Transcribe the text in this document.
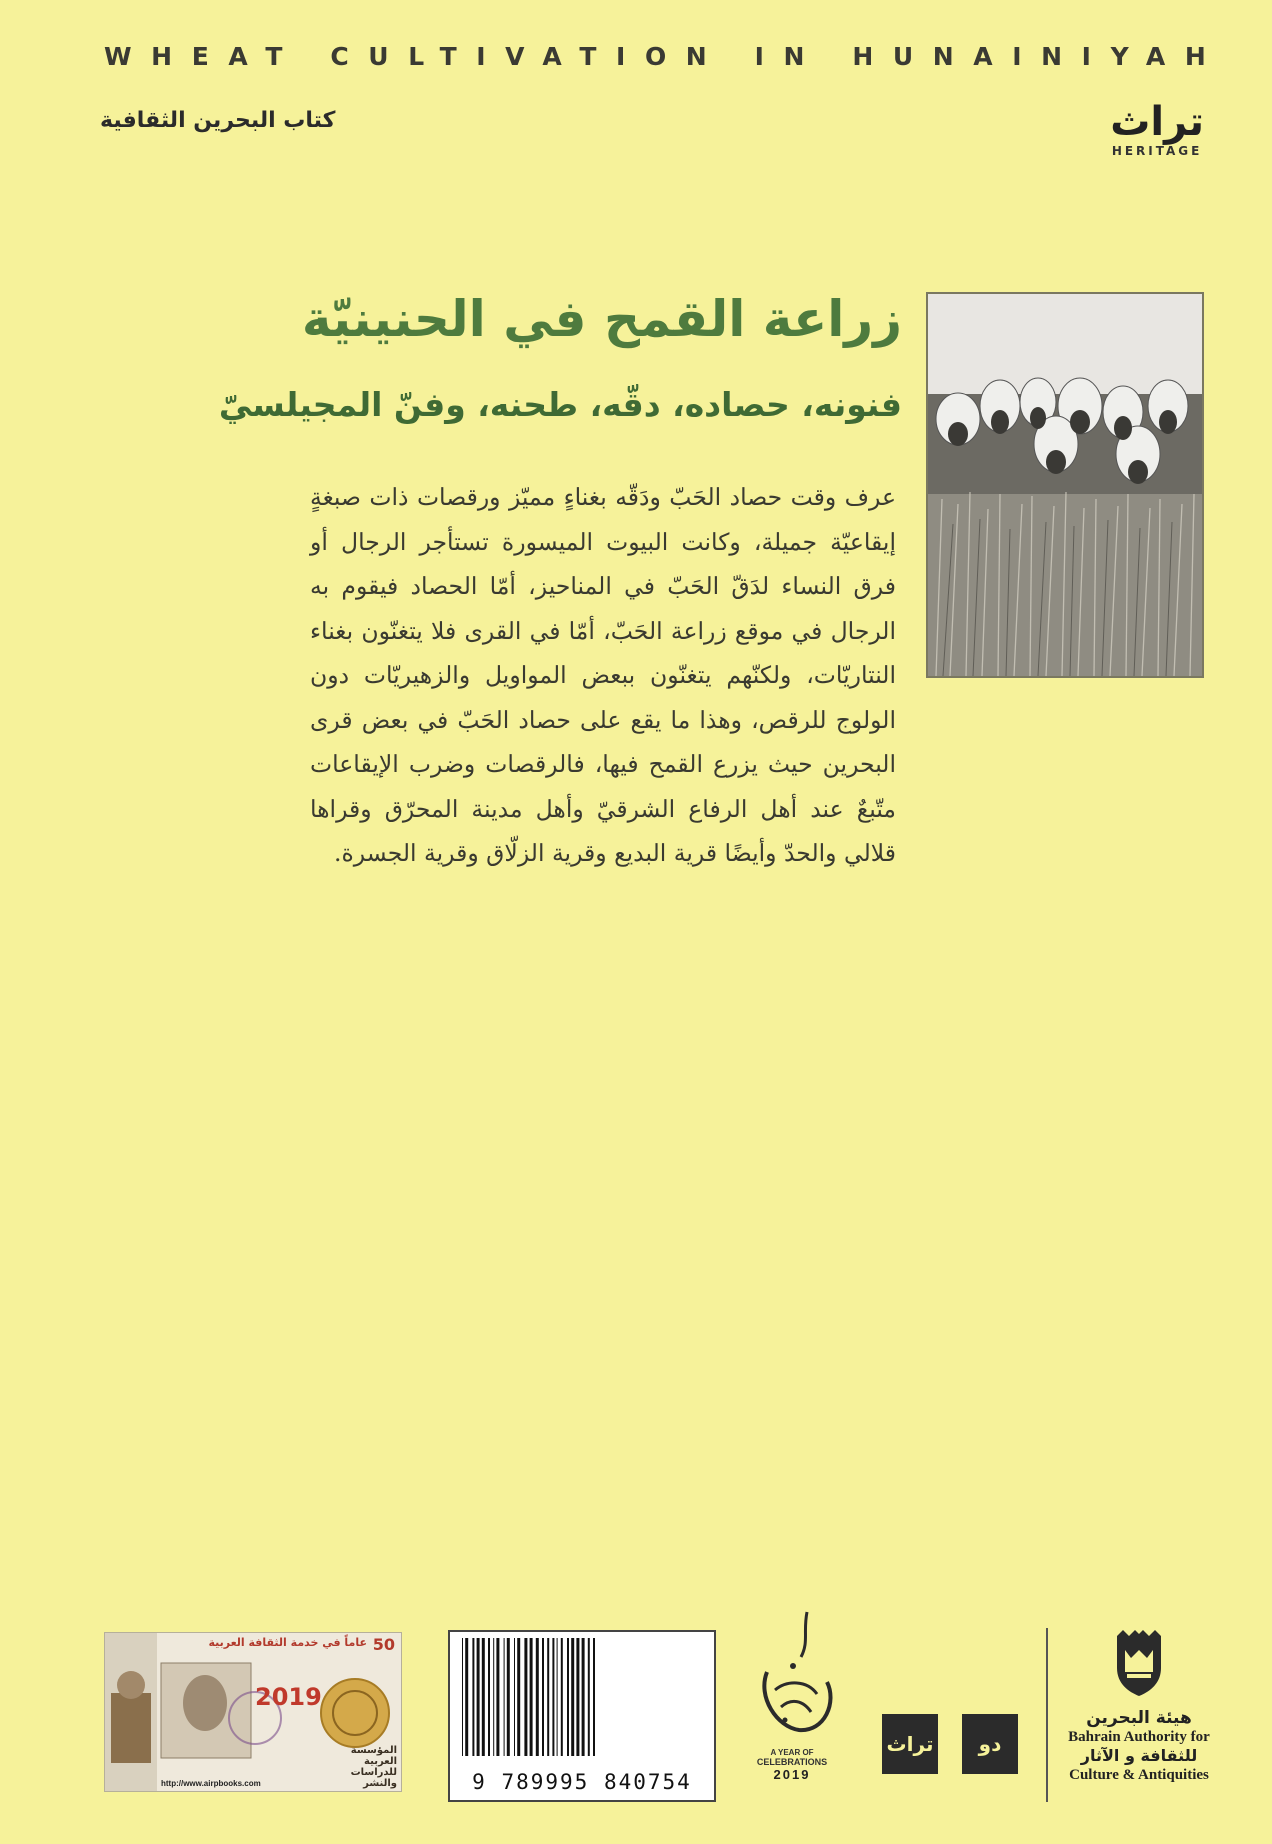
WHEAT CULTIVATION IN HUNAINIYAH
كتاب البحرين الثقافية	تراث
HERITAGE
زراعة القمح في الحنينيّة
فنونه، حصاده، دقّه، طحنه، وفنّ المجيلسيّ
عرف وقت حصاد الحَبّ ودَقّه بغناءٍ مميّز ورقصات ذات صبغةٍ إيقاعيّة جميلة، وكانت البيوت الميسورة تستأجر الرجال أو فرق النساء لدَقّ الحَبّ في المناحيز، أمّا الحصاد فيقوم به الرجال في موقع زراعة الحَبّ، أمّا في القرى فلا يتغنّون بغناء النتاريّات، ولكنّهم يتغنّون ببعض المواويل والزهيريّات دون الولوج للرقص، وهذا ما يقع على حصاد الحَبّ في بعض قرى البحرين حيث يزرع القمح فيها، فالرقصات وضرب الإيقاعات متّبعٌ عند أهل الرفاع الشرقيّ وأهل مدينة المحرّق وقراها قلالي والحدّ وأيضًا قرية البديع وقرية الزلّاق وقرية الجسرة.
50
عاماً في خدمة الثقافة العربية
2019
المؤسسة العربية للدراسات والنشر
http://www.airpbooks.com	9 789995 840754
A YEAR OF
CELEBRATIONS
2019
تراث دو
هيئة البحرين
Bahrain Authority for
للثقافة و الآثار
Culture & Antiquities
